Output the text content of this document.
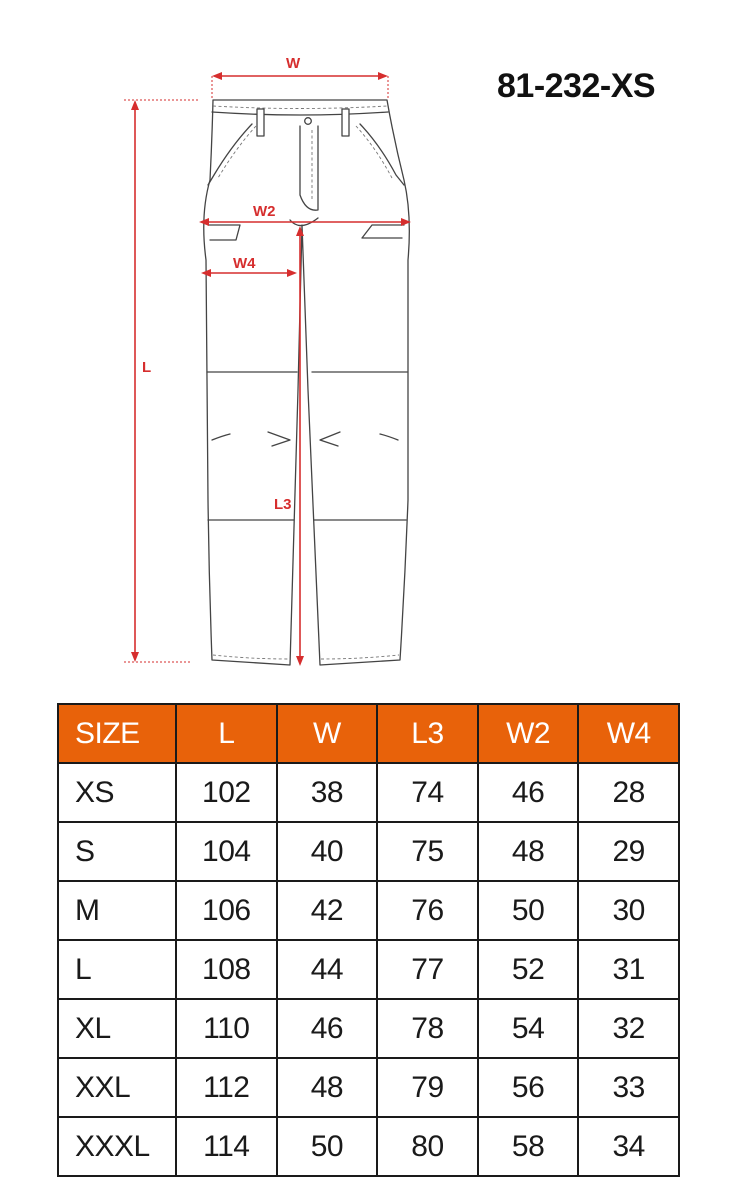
81-232-XS
W
W2
W4
L
L3
SIZE	L	W	L3	W2	W4
XS	102	38	74	46	28
S	104	40	75	48	29
M	106	42	76	50	30
L	108	44	77	52	31
XL	110	46	78	54	32
XXL	112	48	79	56	33
XXXL	114	50	80	58	34
